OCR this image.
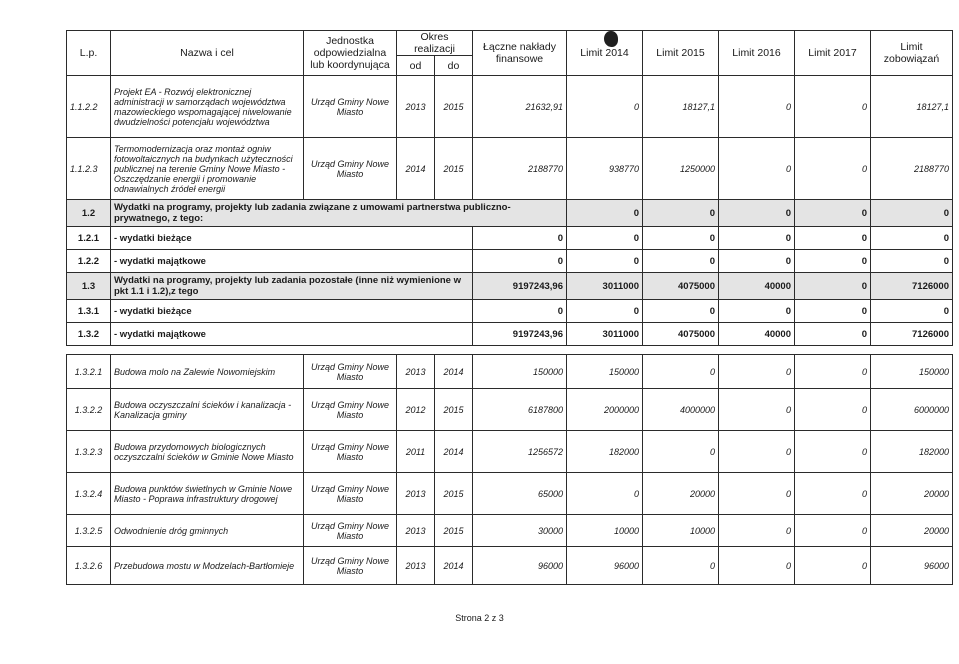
L.p.	Nazwa i cel	Jednostka odpowiedzialna lub koordynująca	Okres realizacji		Łączne nakłady finansowe	Limit 2014	Limit 2015	Limit 2016	Limit 2017	Limit zobowiązań
			od	do						
1.1.2.2	Projekt EA - Rozwój elektronicznej administracji w samorządach województwa mazowieckiego wspomagającej niwelowanie dwudzielności potencjału województwa	Urząd Gminy Nowe Miasto	2013	2015	21632,91	0	18127,1	0	0	18127,1
1.1.2.3	Termomodernizacja oraz montaż ogniw fotowoltaicznych na budynkach użyteczności publicznej na terenie Gminy Nowe Miasto - Oszczędzanie energii i promowanie odnawialnych źródeł energii	Urząd Gminy Nowe Miasto	2014	2015	2188770	938770	1250000	0	0	2188770
1.2	Wydatki na programy, projekty lub zadania związane z umowami partnerstwa publiczno-prywatnego, z tego:					0	0	0	0	0
1.2.1	- wydatki bieżące				0	0	0	0	0	0
1.2.2	- wydatki majątkowe				0	0	0	0	0	0
1.3	Wydatki na programy, projekty lub zadania pozostałe (inne niż wymienione w pkt 1.1 i 1.2),z tego				9197243,96	3011000	4075000	40000	0	7126000
1.3.1	- wydatki bieżące				0	0	0	0	0	0
1.3.2	- wydatki majątkowe				9197243,96	3011000	4075000	40000	0	7126000

1.3.2.1	Budowa molo na Zalewie Nowomiejskim	Urząd Gminy Nowe Miasto	2013	2014	150000	150000	0	0	0	150000
1.3.2.2	Budowa oczyszczalni ścieków i kanalizacja - Kanalizacja gminy	Urząd Gminy Nowe Miasto	2012	2015	6187800	2000000	4000000	0	0	6000000
1.3.2.3	Budowa przydomowych biologicznych oczyszczalni ścieków w Gminie Nowe Miasto	Urząd Gminy Nowe Miasto	2011	2014	1256572	182000	0	0	0	182000
1.3.2.4	Budowa punktów świetlnych w Gminie Nowe Miasto - Poprawa infrastruktury drogowej	Urząd Gminy Nowe Miasto	2013	2015	65000	0	20000	0	0	20000
1.3.2.5	Odwodnienie dróg gminnych	Urząd Gminy Nowe Miasto	2013	2015	30000	10000	10000	0	0	20000
1.3.2.6	Przebudowa mostu w Modzelach-Bartłomieje	Urząd Gminy Nowe Miasto	2013	2014	96000	96000	0	0	0	96000
Strona 2 z 3
